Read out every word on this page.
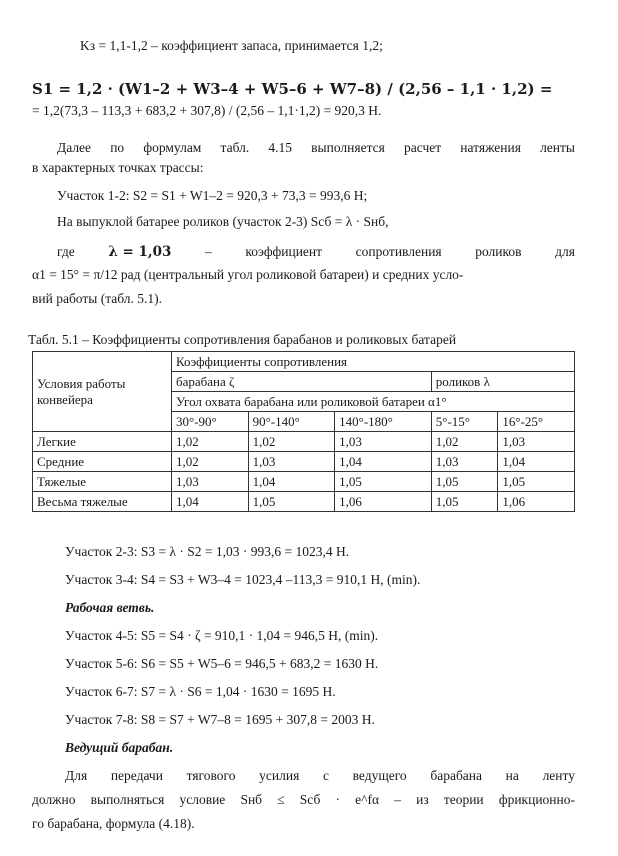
Kз = 1,1-1,2 – коэффициент запаса, принимается 1,2;
S1 = 1,2 · (W1–2 + W3–4 + W5–6 + W7–8) / (2,56 – 1,1 · 1,2) =
= 1,2(73,3 – 113,3 + 683,2 + 307,8) / (2,56 – 1,1·1,2) = 920,3 Н.
Далее по формулам табл. 4.15 выполняется расчет натяжения ленты
в характерных точках трассы:
Участок 1-2: S2 = S1 + W1–2 = 920,3 + 73,3 = 993,6 Н;
На выпуклой батарее роликов (участок 2-3) Sсб = λ · Sнб,
где λ = 1,03 – коэффициент сопротивления роликов для
α1 = 15° = π/12 рад (центральный угол роликовой батареи) и средних усло-
вий работы (табл. 5.1).
Табл. 5.1 – Коэффициенты сопротивления барабанов и роликовых батарей
Условия работы конвейера	Коэффициенты сопротивления				
	барабана ζ			роликов λ	
	Угол охвата барабана или роликовой батареи α1°				
	30°-90°	90°-140°	140°-180°	5°-15°	16°-25°
Легкие	1,02	1,02	1,03	1,02	1,03
Средние	1,02	1,03	1,04	1,03	1,04
Тяжелые	1,03	1,04	1,05	1,05	1,05
Весьма тяжелые	1,04	1,05	1,06	1,05	1,06
Участок 2-3: S3 = λ · S2 = 1,03 · 993,6 = 1023,4 Н.
Участок 3-4: S4 = S3 + W3–4 = 1023,4 –113,3 = 910,1 Н, (min).
Рабочая ветвь.
Участок 4-5: S5 = S4 · ζ = 910,1 · 1,04 = 946,5 Н, (min).
Участок 5-6: S6 = S5 + W5–6 = 946,5 + 683,2 = 1630 Н.
Участок 6-7: S7 = λ · S6 = 1,04 · 1630 = 1695 Н.
Участок 7-8: S8 = S7 + W7–8 = 1695 + 307,8 = 2003 Н.
Ведущий барабан.
Для передачи тягового усилия с ведущего барабана на ленту
должно выполняться условие Sнб ≤ Sсб · e^fα – из теории фрикционно-
го барабана, формула (4.18).
